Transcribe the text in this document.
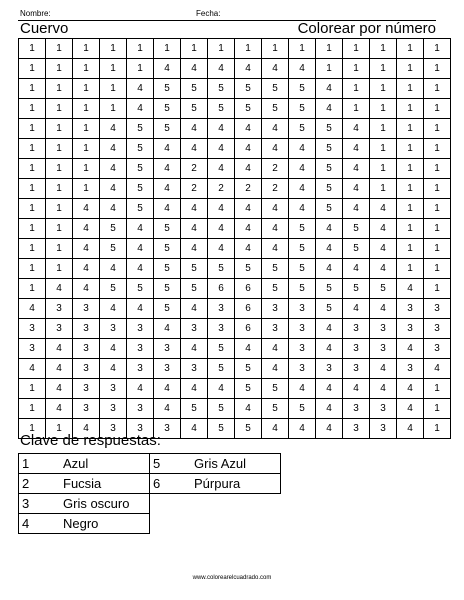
Nombre:	Fecha:
Cuervo	Colorear por número
1	1	1	1	1	1	1	1	1	1	1	1	1	1	1	1
1	1	1	1	1	4	4	4	4	4	4	1	1	1	1	1
1	1	1	1	4	5	5	5	5	5	5	4	1	1	1	1
1	1	1	1	4	5	5	5	5	5	5	4	1	1	1	1
1	1	1	4	5	5	4	4	4	4	5	5	4	1	1	1
1	1	1	4	5	4	4	4	4	4	4	5	4	1	1	1
1	1	1	4	5	4	2	4	4	2	4	5	4	1	1	1
1	1	1	4	5	4	2	2	2	2	4	5	4	1	1	1
1	1	4	4	5	4	4	4	4	4	4	5	4	4	1	1
1	1	4	5	4	5	4	4	4	4	5	4	5	4	1	1
1	1	4	5	4	5	4	4	4	4	5	4	5	4	1	1
1	1	4	4	4	5	5	5	5	5	5	4	4	4	1	1
1	4	4	5	5	5	5	6	6	5	5	5	5	5	4	1
4	3	3	4	4	5	4	3	6	3	3	5	4	4	3	3
3	3	3	3	3	4	3	3	6	3	3	4	3	3	3	3
3	4	3	4	3	3	4	5	4	4	3	4	3	3	4	3
4	4	3	4	3	3	3	5	5	4	3	3	3	4	3	4
1	4	3	3	4	4	4	4	5	5	4	4	4	4	4	1
1	4	3	3	3	4	5	5	4	5	5	4	3	3	4	1
1	1	4	3	3	3	4	5	5	4	4	4	3	3	4	1
Clave de respuestas:
1 Azul	5 Gris Azul

2 Fucsia	6 Púrpura

3 Gris oscuro	

4 Negro	

www.colorearelcuadrado.com
